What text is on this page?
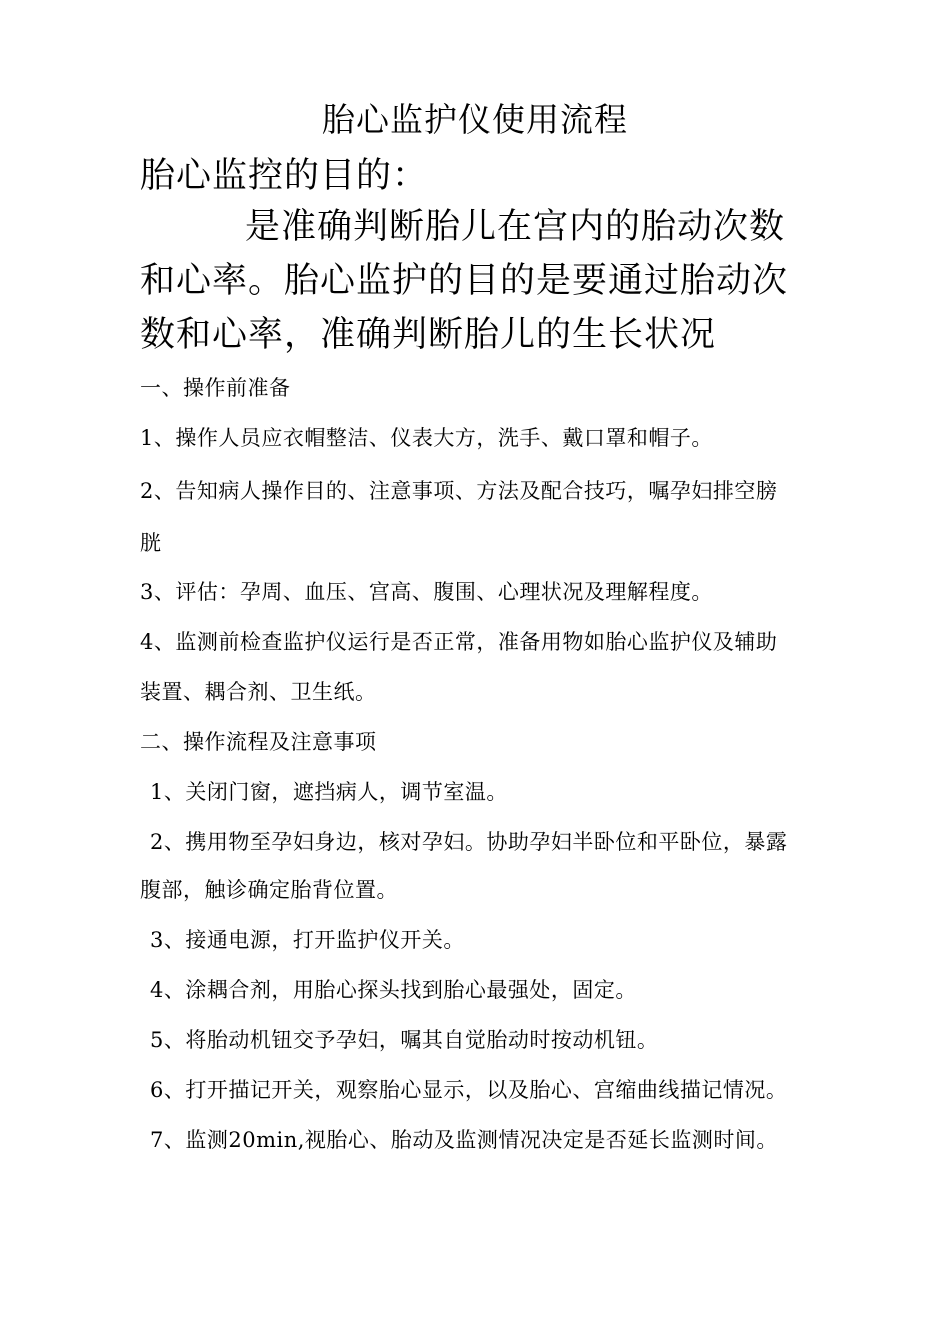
胎心监护仪使用流程
胎心监控的目的：

是准确判断胎儿在宫内的胎动次数和心率。胎心监护的目的是要通过胎动次数和心率，准确判断胎儿的生长状况

一、操作前准备

1、操作人员应衣帽整洁、仪表大方，洗手、戴口罩和帽子。

2、告知病人操作目的、注意事项、方法及配合技巧，嘱孕妇排空膀

胱

3、评估：孕周、血压、宫高、腹围、心理状况及理解程度。

4、监测前检查监护仪运行是否正常，准备用物如胎心监护仪及辅助

装置、耦合剂、卫生纸。

二、操作流程及注意事项

1、关闭门窗，遮挡病人，调节室温。

2、携用物至孕妇身边，核对孕妇。协助孕妇半卧位和平卧位，暴露

腹部，触诊确定胎背位置。

3、接通电源，打开监护仪开关。

4、涂耦合剂，用胎心探头找到胎心最强处，固定。

5、将胎动机钮交予孕妇，嘱其自觉胎动时按动机钮。

6、打开描记开关，观察胎心显示，以及胎心、宫缩曲线描记情况。

7、监测20min,视胎心、胎动及监测情况决定是否延长监测时间。
